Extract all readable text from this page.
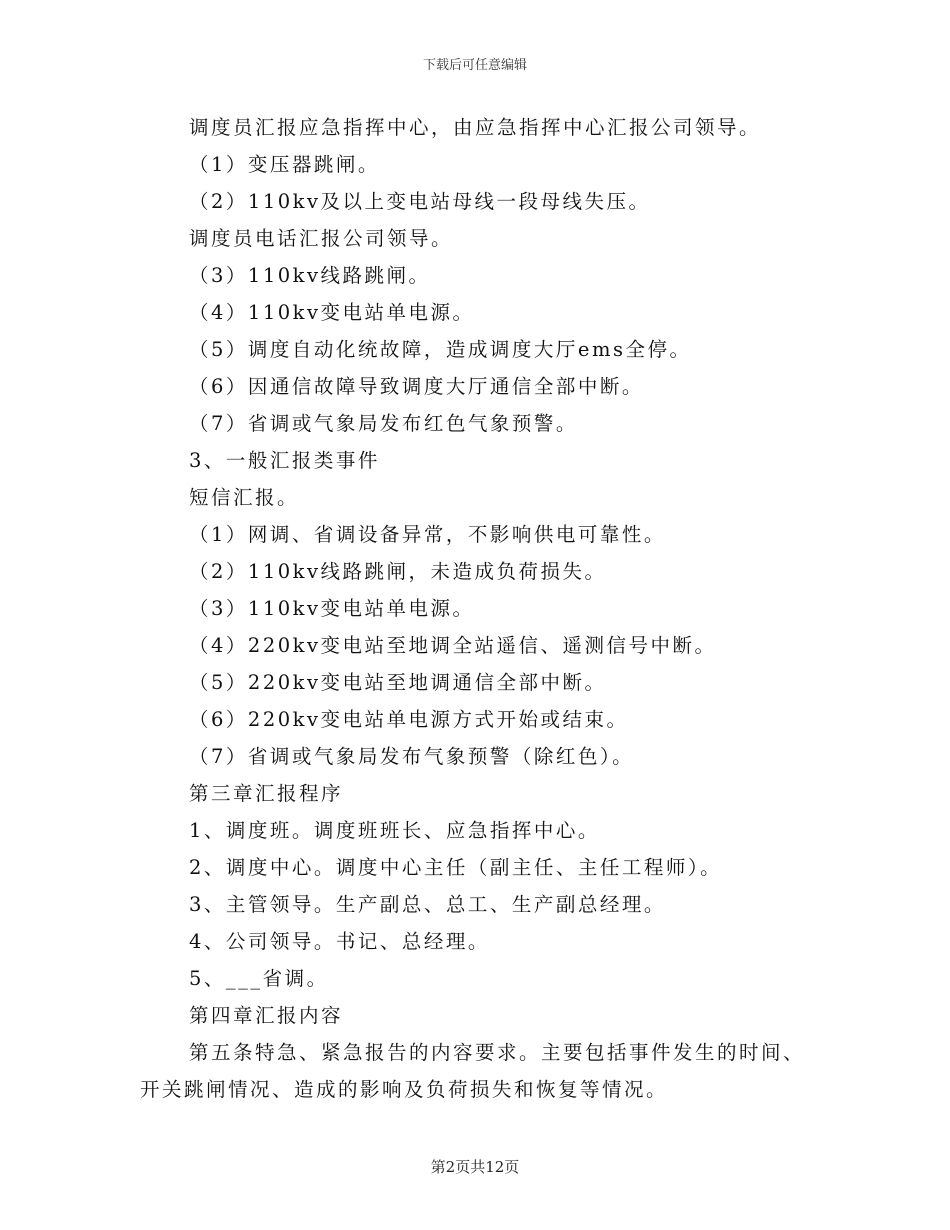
下载后可任意编辑
调度员汇报应急指挥中心，由应急指挥中心汇报公司领导。
（1）变压器跳闸。
（2）110kv及以上变电站母线一段母线失压。
调度员电话汇报公司领导。
（3）110kv线路跳闸。
（4）110kv变电站单电源。
（5）调度自动化统故障，造成调度大厅ems全停。
（6）因通信故障导致调度大厅通信全部中断。
（7）省调或气象局发布红色气象预警。
3、一般汇报类事件
短信汇报。
（1）网调、省调设备异常，不影响供电可靠性。
（2）110kv线路跳闸，未造成负荷损失。
（3）110kv变电站单电源。
（4）220kv变电站至地调全站遥信、遥测信号中断。
（5）220kv变电站至地调通信全部中断。
（6）220kv变电站单电源方式开始或结束。
（7）省调或气象局发布气象预警（除红色）。
第三章汇报程序
1、调度班。调度班班长、应急指挥中心。
2、调度中心。调度中心主任（副主任、主任工程师）。
3、主管领导。生产副总、总工、生产副总经理。
4、公司领导。书记、总经理。
5、___省调。
第四章汇报内容
第五条特急、紧急报告的内容要求。主要包括事件发生的时间、
开关跳闸情况、造成的影响及负荷损失和恢复等情况。
第2页共12页
